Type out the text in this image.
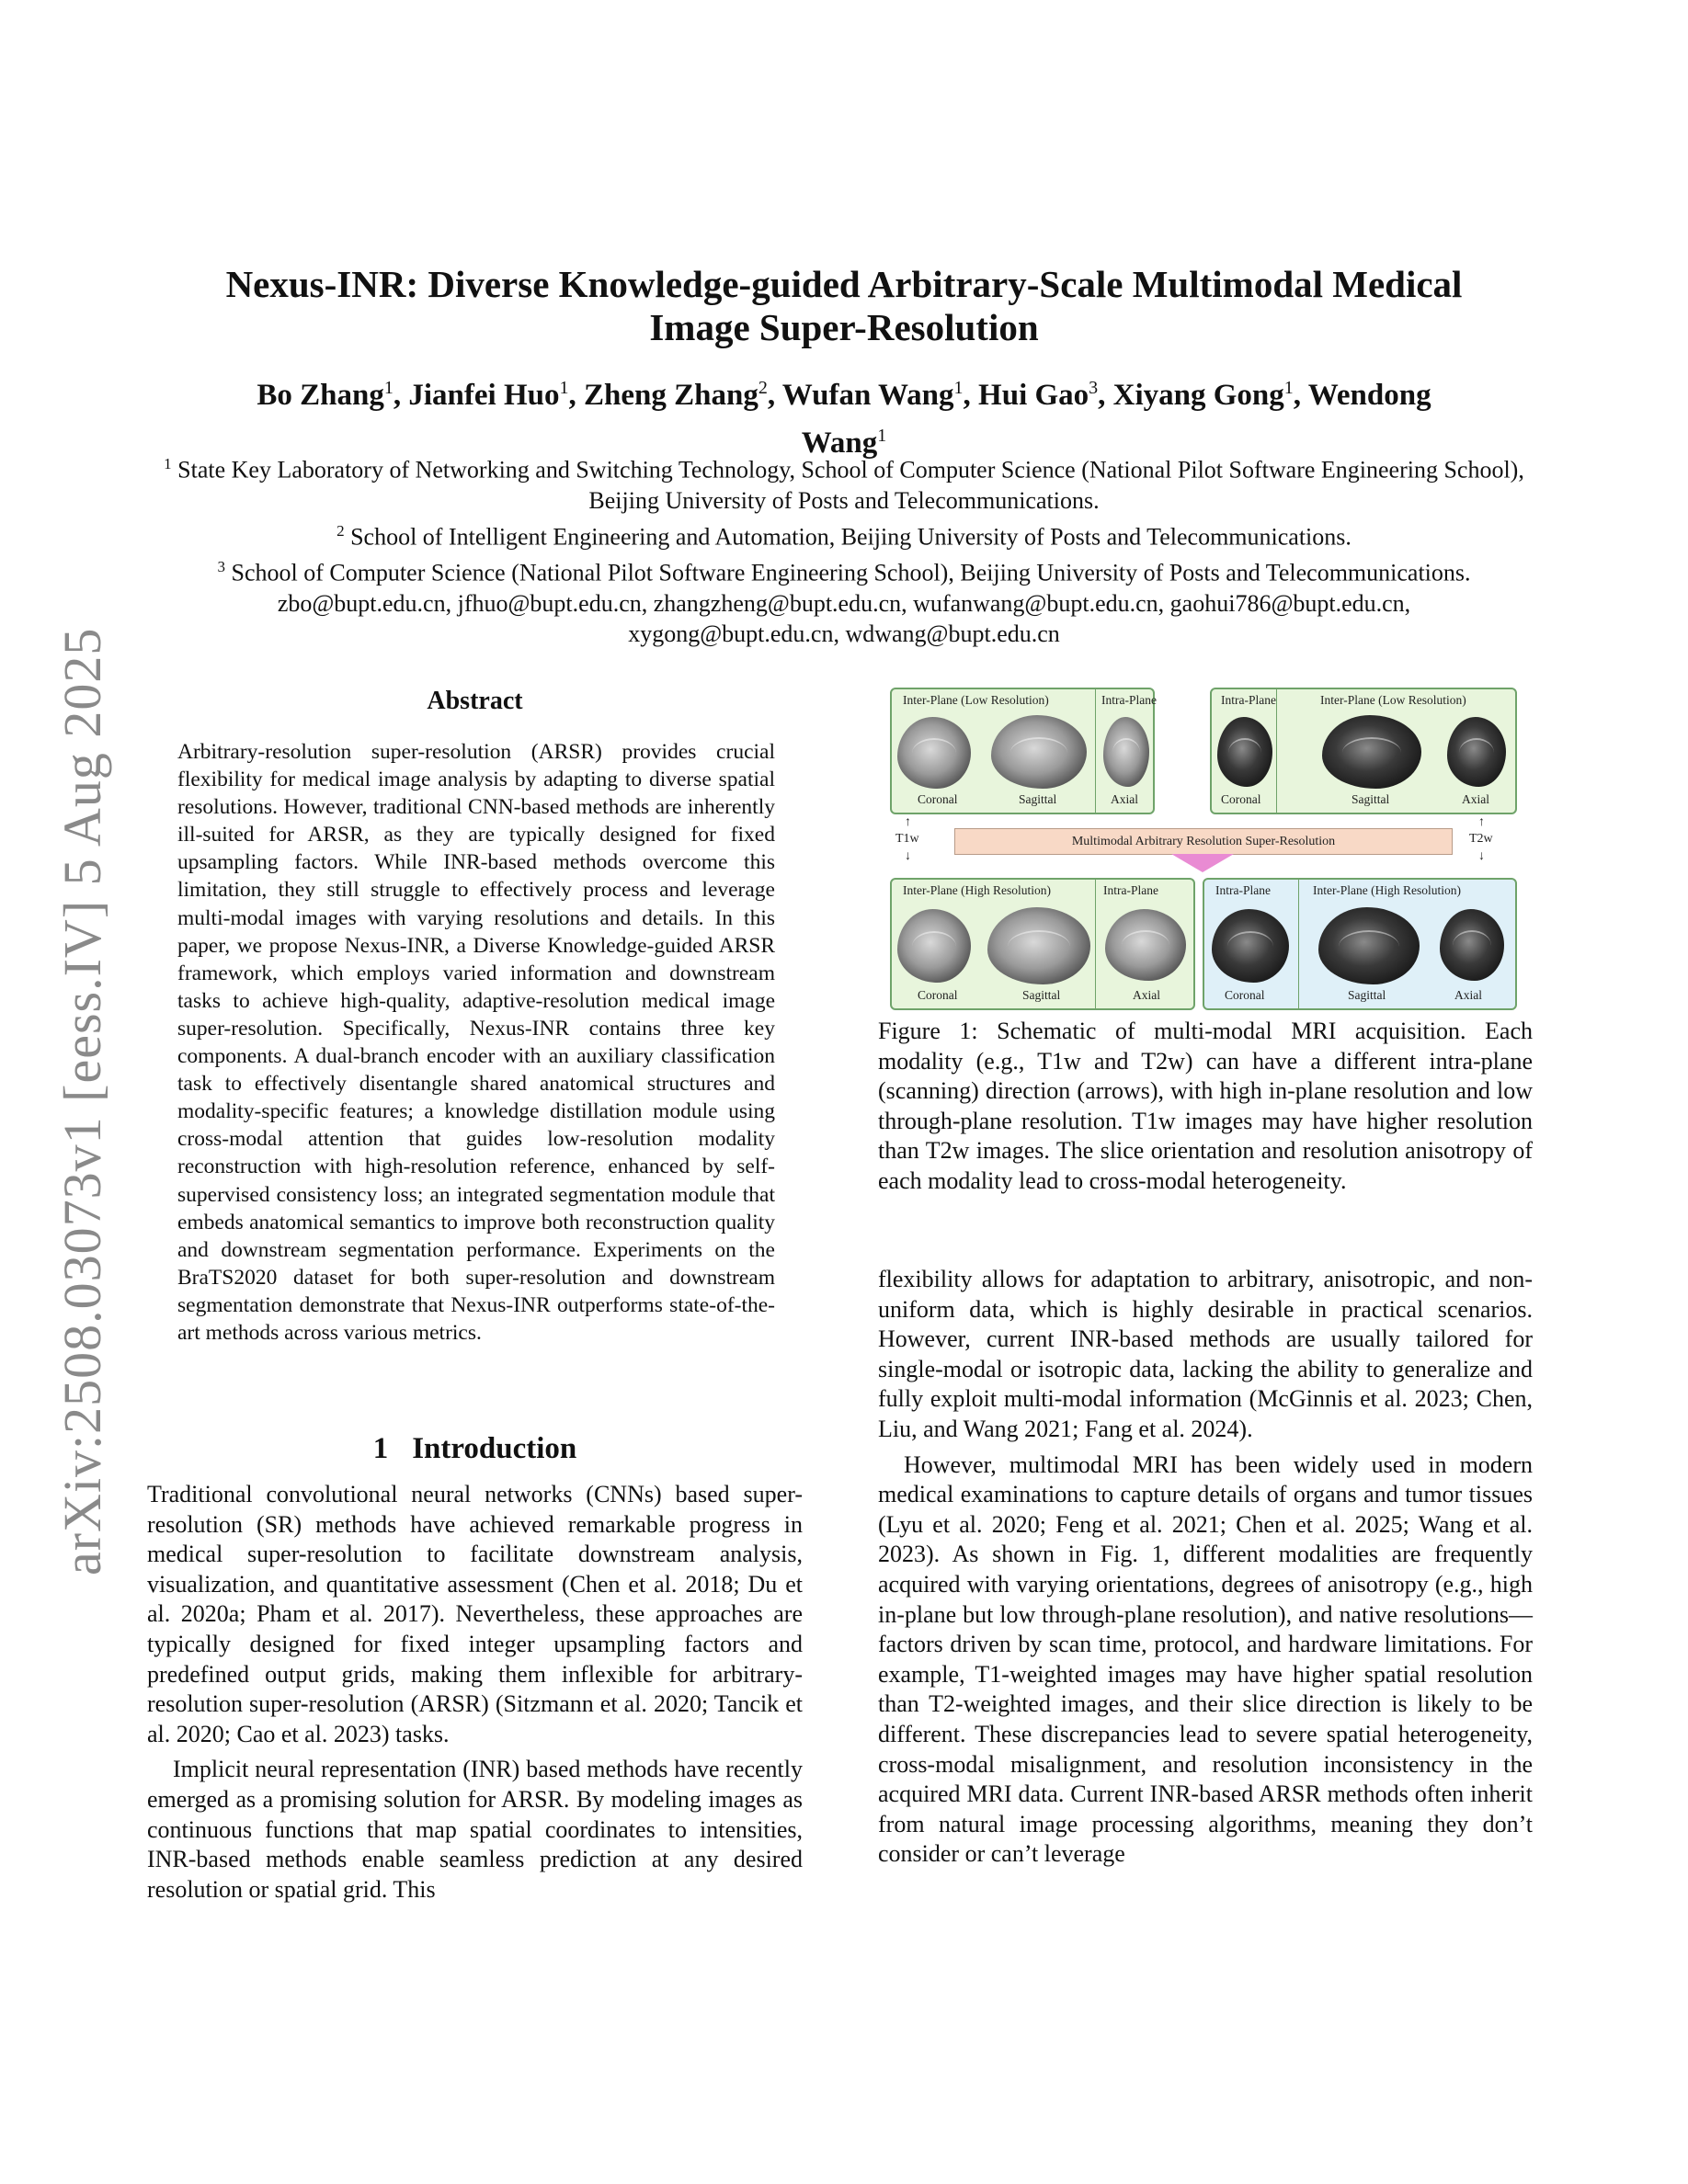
arXiv:2508.03073v1 [eess.IV] 5 Aug 2025
Nexus-INR: Diverse Knowledge-guided Arbitrary-Scale Multimodal Medical
Image Super-Resolution
Bo Zhang$^1$, Jianfei Huo$^1$, Zheng Zhang$^2$, Wufan Wang$^1$, Hui Gao$^3$, Xiyang Gong$^1$, Wendong
Wang$^1$

$^1$ State Key Laboratory of Networking and Switching Technology, School of Computer Science (National Pilot Software Engineering School), Beijing University of Posts and Telecommunications.

$^2$ School of Intelligent Engineering and Automation, Beijing University of Posts and Telecommunications.

$^3$ School of Computer Science (National Pilot Software Engineering School), Beijing University of Posts and Telecommunications.

zbo@bupt.edu.cn, jfhuo@bupt.edu.cn, zhangzheng@bupt.edu.cn, wufanwang@bupt.edu.cn, gaohui786@bupt.edu.cn,

xygong@bupt.edu.cn, wdwang@bupt.edu.cn

Abstract
Arbitrary-resolution super-resolution (ARSR) provides crucial flexibility for medical image analysis by adapting to diverse spatial resolutions. However, traditional CNN-based methods are inherently ill-suited for ARSR, as they are typically designed for fixed upsampling factors. While INR-based methods overcome this limitation, they still struggle to effectively process and leverage multi-modal images with varying resolutions and details. In this paper, we propose Nexus-INR, a Diverse Knowledge-guided ARSR framework, which employs varied information and downstream tasks to achieve high-quality, adaptive-resolution medical image super-resolution. Specifically, Nexus-INR contains three key components. A dual-branch encoder with an auxiliary classification task to effectively disentangle shared anatomical structures and modality-specific features; a knowledge distillation module using cross-modal attention that guides low-resolution modality reconstruction with high-resolution reference, enhanced by self-supervised consistency loss; an integrated segmentation module that embeds anatomical semantics to improve both reconstruction quality and downstream segmentation performance. Experiments on the BraTS2020 dataset for both super-resolution and downstream segmentation demonstrate that Nexus-INR outperforms state-of-the-art methods across various metrics.
1 Introduction

Traditional convolutional neural networks (CNNs) based super-resolution (SR) methods have achieved remarkable progress in medical super-resolution to facilitate downstream analysis, visualization, and quantitative assessment (Chen et al. 2018; Du et al. 2020a; Pham et al. 2017). Nevertheless, these approaches are typically designed for fixed integer upsampling factors and predefined output grids, making them inflexible for arbitrary-resolution super-resolution (ARSR) (Sitzmann et al. 2020; Tancik et al. 2020; Cao et al. 2023) tasks.

Implicit neural representation (INR) based methods have recently emerged as a promising solution for ARSR. By modeling images as continuous functions that map spatial coordinates to intensities, INR-based methods enable seamless prediction at any desired resolution or spatial grid. This

Inter-Plane (Low Resolution)	Intra-Plane
Coronal	Sagittal	Axial
Intra-Plane	Inter-Plane (Low Resolution)
Coronal	Sagittal	Axial
↑
T1w
↓
Multimodal Arbitrary Resolution Super-Resolution
↑
T2w
↓
Inter-Plane (High Resolution)	Intra-Plane
Coronal	Sagittal	Axial
Intra-Plane	Inter-Plane (High Resolution)
Coronal	Sagittal	Axial
Figure 1: Schematic of multi-modal MRI acquisition. Each modality (e.g., T1w and T2w) can have a different intra-plane (scanning) direction (arrows), with high in-plane resolution and low through-plane resolution. T1w images may have higher resolution than T2w images. The slice orientation and resolution anisotropy of each modality lead to cross-modal heterogeneity.

flexibility allows for adaptation to arbitrary, anisotropic, and non-uniform data, which is highly desirable in practical scenarios. However, current INR-based methods are usually tailored for single-modal or isotropic data, lacking the ability to generalize and fully exploit multi-modal information (McGinnis et al. 2023; Chen, Liu, and Wang 2021; Fang et al. 2024).

However, multimodal MRI has been widely used in modern medical examinations to capture details of organs and tumor tissues (Lyu et al. 2020; Feng et al. 2021; Chen et al. 2025; Wang et al. 2023). As shown in Fig. 1, different modalities are frequently acquired with varying orientations, degrees of anisotropy (e.g., high in-plane but low through-plane resolution), and native resolutions—factors driven by scan time, protocol, and hardware limitations. For example, T1-weighted images may have higher spatial resolution than T2-weighted images, and their slice direction is likely to be different. These discrepancies lead to severe spatial heterogeneity, cross-modal misalignment, and resolution inconsistency in the acquired MRI data. Current INR-based ARSR methods often inherit from natural image processing algorithms, meaning they don’t consider or can’t leverage
